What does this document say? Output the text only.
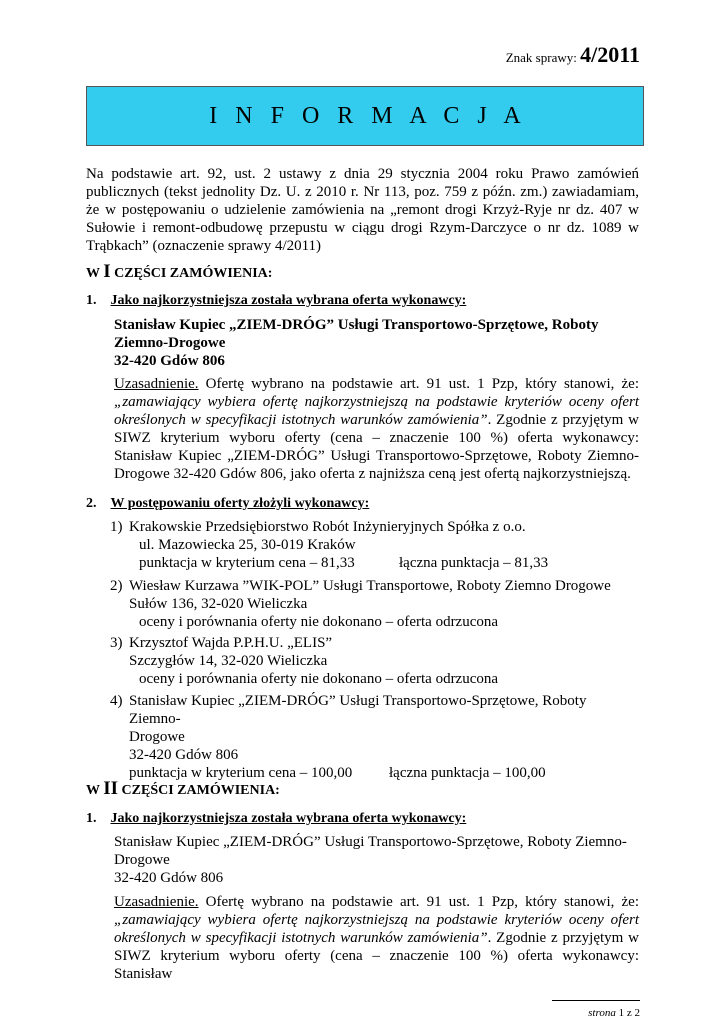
Znak sprawy: 4/2011
I   N   F   O   R   M   A   C   J   A
Na podstawie art. 92, ust. 2 ustawy z dnia 29 stycznia 2004 roku Prawo zamówień publicznych (tekst jednolity Dz. U. z 2010 r. Nr 113, poz. 759 z późn. zm.) zawiadamiam, że w postępowaniu o udzielenie zamówienia na „remont drogi Krzyż-Ryje nr dz. 407 w Sułowie i remont-odbudowę przepustu w ciągu drogi Rzym-Darczyce o nr dz. 1089 w Trąbkach” (oznaczenie sprawy 4/2011)
W I CZĘŚCI ZAMÓWIENIA:
1. Jako najkorzystniejsza została wybrana oferta wykonawcy:
Stanisław Kupiec „ZIEM-DRÓG” Usługi Transportowo-Sprzętowe, Roboty
Ziemno-Drogowe
32-420 Gdów 806
Uzasadnienie. Ofertę wybrano na podstawie art. 91 ust. 1 Pzp, który stanowi, że: „zamawiający wybiera ofertę najkorzystniejszą na podstawie kryteriów oceny ofert określonych w specyfikacji istotnych warunków zamówienia”. Zgodnie z przyjętym w SIWZ kryterium wyboru oferty (cena – znaczenie 100 %) oferta wykonawcy: Stanisław Kupiec „ZIEM-DRÓG” Usługi Transportowo-Sprzętowe, Roboty Ziemno-Drogowe 32-420 Gdów 806, jako oferta z najniższa ceną jest ofertą najkorzystniejszą.
2. W postępowaniu oferty złożyli wykonawcy:
1) Krakowskie Przedsiębiorstwo Robót Inżynieryjnych Spółka z o.o.
ul. Mazowiecka 25, 30-019 Kraków
punktacja w kryterium cena – 81,33	łączna punktacja – 81,33
2) Wiesław Kurzawa ”WIK-POL” Usługi Transportowe, Roboty Ziemno Drogowe
Sułów 136, 32-020 Wieliczka
oceny i porównania oferty nie dokonano – oferta odrzucona
3) Krzysztof Wajda P.P.H.U. „ELIS”
Szczygłów 14, 32-020 Wieliczka
oceny i porównania oferty nie dokonano – oferta odrzucona
4) Stanisław Kupiec „ZIEM-DRÓG” Usługi Transportowo-Sprzętowe, Roboty Ziemno-
Drogowe
32-420 Gdów 806
punktacja w kryterium cena – 100,00	łączna punktacja – 100,00
W II CZĘŚCI ZAMÓWIENIA:
1. Jako najkorzystniejsza została wybrana oferta wykonawcy:
Stanisław Kupiec „ZIEM-DRÓG” Usługi Transportowo-Sprzętowe, Roboty Ziemno-
Drogowe
32-420 Gdów 806
Uzasadnienie. Ofertę wybrano na podstawie art. 91 ust. 1 Pzp, który stanowi, że: „zamawiający wybiera ofertę najkorzystniejszą na podstawie kryteriów oceny ofert określonych w specyfikacji istotnych warunków zamówienia”. Zgodnie z przyjętym w SIWZ kryterium wyboru oferty (cena – znaczenie 100 %) oferta wykonawcy: Stanisław
strona 1 z 2
